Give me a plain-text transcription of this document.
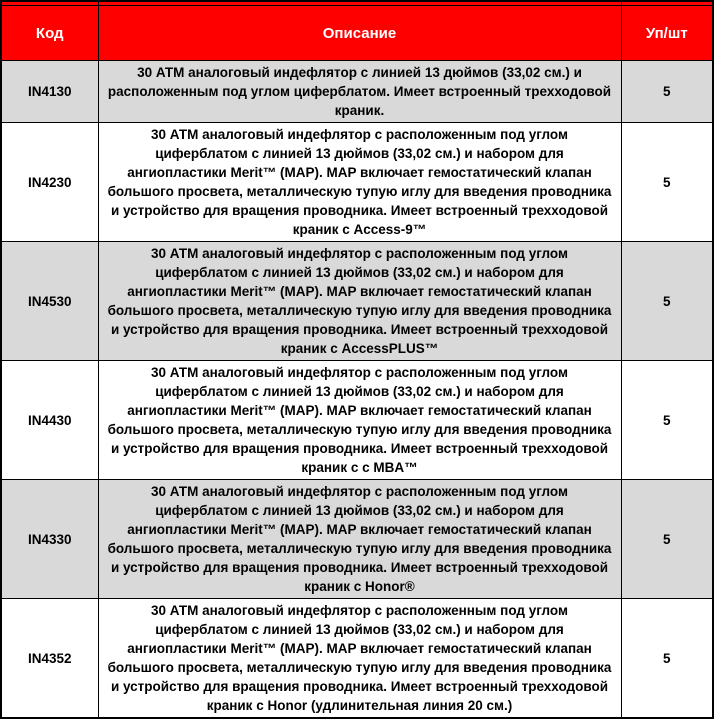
Код	Описание	Уп/шт
IN4130	30 АТМ аналоговый индефлятор с линией 13 дюймов (33,02 см.) и расположенным под углом циферблатом. Имеет встроенный трехходовой краник.	5
IN4230	30 АТМ аналоговый индефлятор с расположенным под углом циферблатом с линией 13 дюймов (33,02 см.) и набором для ангиопластики Merit™ (MAP). MAP включает гемостатический клапан большого просвета, металлическую тупую иглу для введения проводника и устройство для вращения проводника. Имеет встроенный трехходовой краник с Access-9™	5
IN4530	30 АТМ аналоговый индефлятор с расположенным под углом циферблатом с линией 13 дюймов (33,02 см.) и набором для ангиопластики Merit™ (MAP). MAP включает гемостатический клапан большого просвета, металлическую тупую иглу для введения проводника и устройство для вращения проводника. Имеет встроенный трехходовой краник с AccessPLUS™	5
IN4430	30 АТМ аналоговый индефлятор с расположенным под углом циферблатом с линией 13 дюймов (33,02 см.) и набором для ангиопластики Merit™ (MAP). MAP включает гемостатический клапан большого просвета, металлическую тупую иглу для введения проводника и устройство для вращения проводника. Имеет встроенный трехходовой краник с с MBA™	5
IN4330	30 АТМ аналоговый индефлятор с расположенным под углом циферблатом с линией 13 дюймов (33,02 см.) и набором для ангиопластики Merit™ (MAP). MAP включает гемостатический клапан большого просвета, металлическую тупую иглу для введения проводника и устройство для вращения проводника. Имеет встроенный трехходовой краник с Honor®	5
IN4352	30 АТМ аналоговый индефлятор с расположенным под углом циферблатом с линией 13 дюймов (33,02 см.) и набором для ангиопластики Merit™ (MAP). MAP включает гемостатический клапан большого просвета, металлическую тупую иглу для введения проводника и устройство для вращения проводника. Имеет встроенный трехходовой краник с Honor (удлинительная линия 20 см.)	5
